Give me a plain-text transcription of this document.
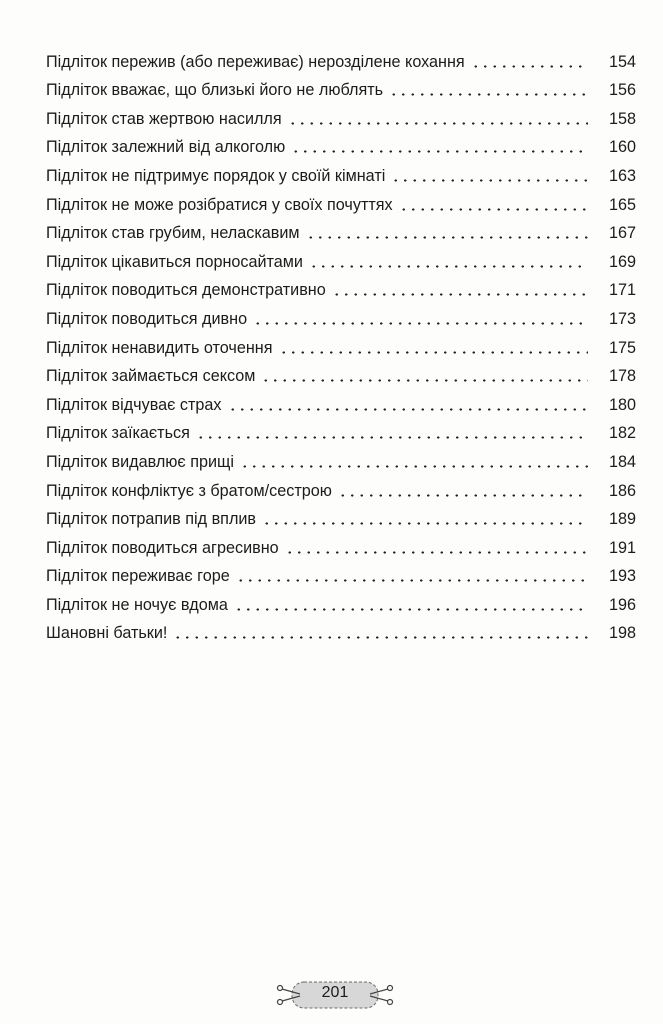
Підліток пережив (або переживає) нерозділене кохання	154
Підліток вважає, що близькі його не люблять	156
Підліток став жертвою насилля	158
Підліток залежний від алкоголю	160
Підліток не підтримує порядок у своїй кімнаті	163
Підліток не може розібратися у своїх почуттях	165
Підліток став грубим, неласкавим	167
Підліток цікавиться порносайтами	169
Підліток поводиться демонстративно	171
Підліток поводиться дивно	173
Підліток ненавидить оточення	175
Підліток займається сексом	178
Підліток відчуває страх	180
Підліток заїкається	182
Підліток видавлює прищі	184
Підліток конфліктує з братом/сестрою	186
Підліток потрапив під вплив	189
Підліток поводиться агресивно	191
Підліток переживає горе	193
Підліток не ночує вдома	196
Шановні батьки!	198
201
